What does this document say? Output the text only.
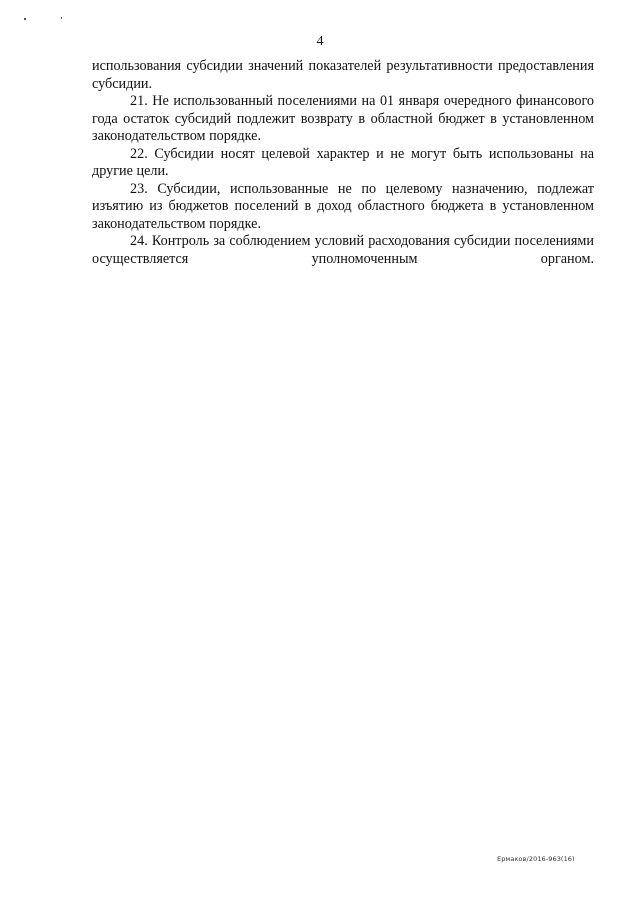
4

использования субсидии значений показателей результативности предоставления субсидии.

21. Не использованный поселениями на 01 января очередного финансового года остаток субсидий подлежит возврату в областной бюджет в установленном законодательством порядке.

22. Субсидии носят целевой характер и не могут быть использованы на другие цели.

23. Субсидии, использованные не по целевому назначению, подлежат изъятию из бюджетов поселений в доход областного бюджета в установленном законодательством порядке.

24. Контроль за соблюдением условий расходования субсидии поселениями осуществляется уполномоченным органом.

Ермаков/2016-963(16)
